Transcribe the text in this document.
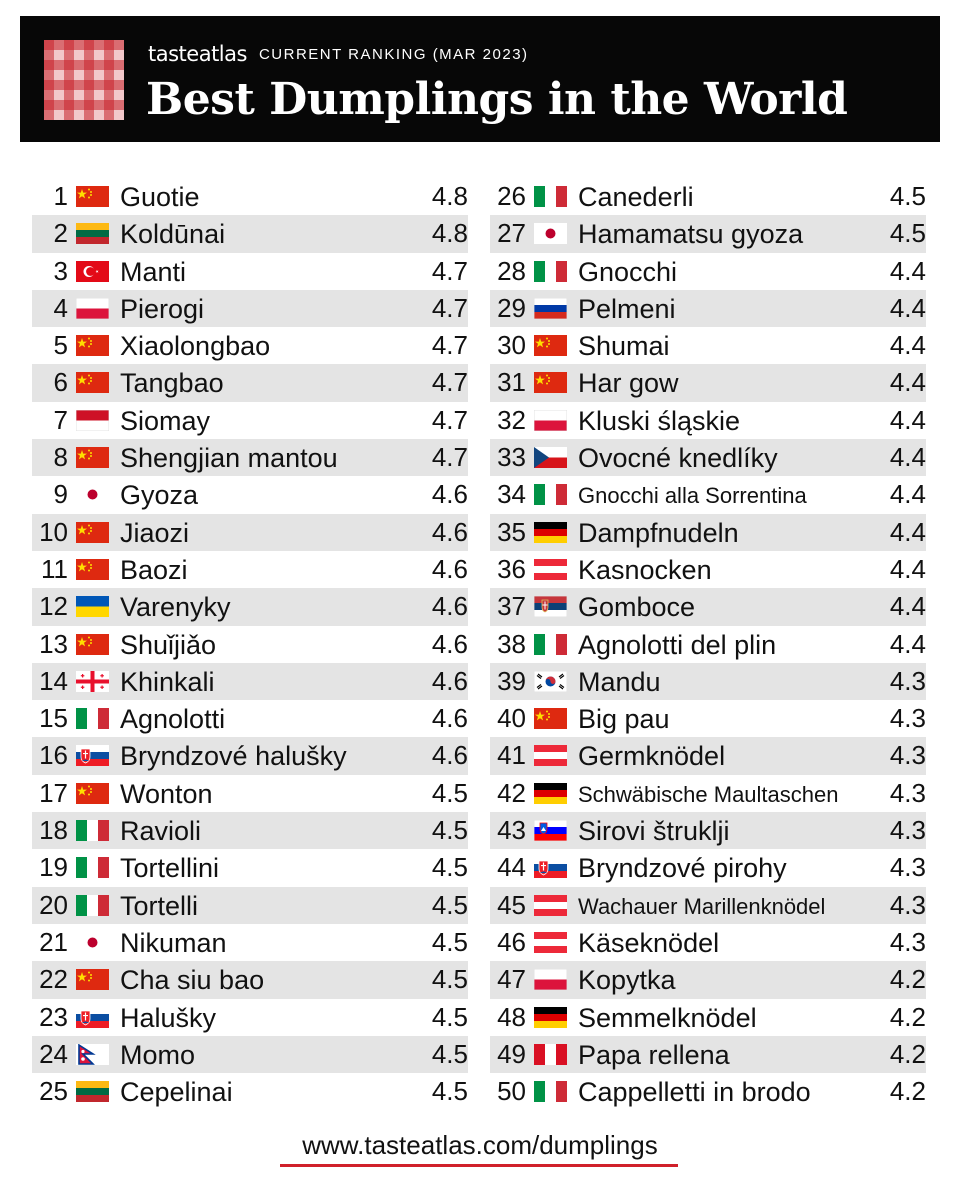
tasteatlas CURRENT RANKING (MAR 2023)
Best Dumplings in the World
1 Guotie	4.8
2 Koldūnai	4.8
3 Manti	4.7
4 Pierogi	4.7
5 Xiaolongbao	4.7
6 Tangbao	4.7
7 Siomay	4.7
8 Shengjian mantou	4.7
9 Gyoza	4.6
10 Jiaozi	4.6
11 Baozi	4.6
12 Varenyky	4.6
13 Shuǐjiǎo	4.6
14 Khinkali	4.6
15 Agnolotti	4.6
16 Bryndzové halušky	4.6
17 Wonton	4.5
18 Ravioli	4.5
19 Tortellini	4.5
20 Tortelli	4.5
21 Nikuman	4.5
22 Cha siu bao	4.5
23 Halušky	4.5
24 Momo	4.5
25 Cepelinai	4.5
26 Canederli	4.5
27 Hamamatsu gyoza	4.5
28 Gnocchi	4.4
29 Pelmeni	4.4
30 Shumai	4.4
31 Har gow	4.4
32 Kluski śląskie	4.4
33 Ovocné knedlíky	4.4
34 Gnocchi alla Sorrentina	4.4
35 Dampfnudeln	4.4
36 Kasnocken	4.4
37 Gomboce	4.4
38 Agnolotti del plin	4.4
39 Mandu	4.3
40 Big pau	4.3
41 Germknödel	4.3
42 Schwäbische Maultaschen	4.3
43 Sirovi štruklji	4.3
44 Bryndzové pirohy	4.3
45 Wachauer Marillenknödel	4.3
46 Käseknödel	4.3
47 Kopytka	4.2
48 Semmelknödel	4.2
49 Papa rellena	4.2
50 Cappelletti in brodo	4.2
www.tasteatlas.com/dumplings
